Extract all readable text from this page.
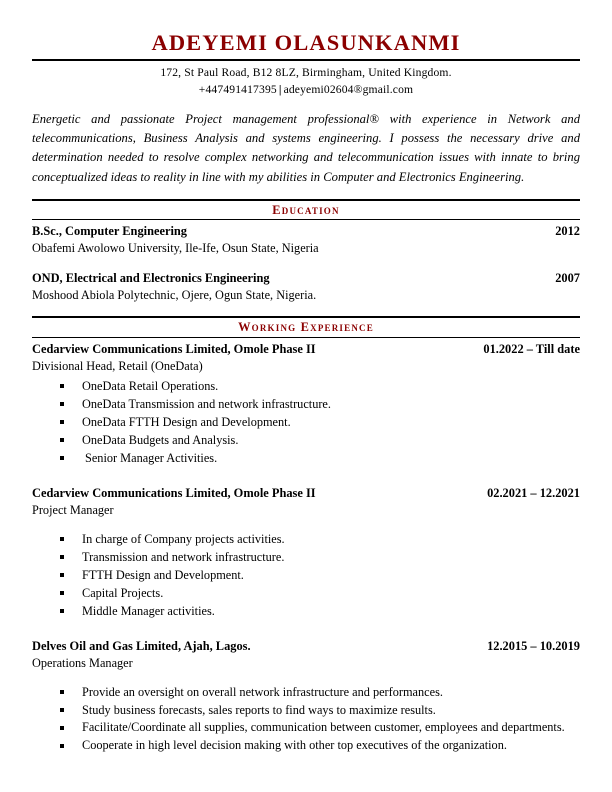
ADEYEMI OLASUNKANMI
172, St Paul Road, B12 8LZ, Birmingham, United Kingdom.
+447491417395 | adeyemi02604®gmail.com
Energetic and passionate Project management professional® with experience in Network and telecommunications, Business Analysis and systems engineering. I possess the necessary drive and determination needed to resolve complex networking and telecommunication issues with innate to bring conceptualized ideas to reality in line with my abilities in Computer and Electronics Engineering.
Education
B.Sc., Computer Engineering	2012
Obafemi Awolowo University, Ile-Ife, Osun State, Nigeria
OND, Electrical and Electronics Engineering	2007
Moshood Abiola Polytechnic, Ojere, Ogun State, Nigeria.
Working Experience
Cedarview Communications Limited, Omole Phase II	01.2022 – Till date
Divisional Head, Retail (OneData)
OneData Retail Operations.
OneData Transmission and network infrastructure.
OneData FTTH Design and Development.
OneData Budgets and Analysis.
Senior Manager Activities.
Cedarview Communications Limited, Omole Phase II	02.2021 – 12.2021
Project Manager
In charge of Company projects activities.
Transmission and network infrastructure.
FTTH Design and Development.
Capital Projects.
Middle Manager activities.
Delves Oil and Gas Limited, Ajah, Lagos.	12.2015 – 10.2019
Operations Manager
Provide an oversight on overall network infrastructure and performances.
Study business forecasts, sales reports to find ways to maximize results.
Facilitate/Coordinate all supplies, communication between customer, employees and departments.
Cooperate in high level decision making with other top executives of the organization.
